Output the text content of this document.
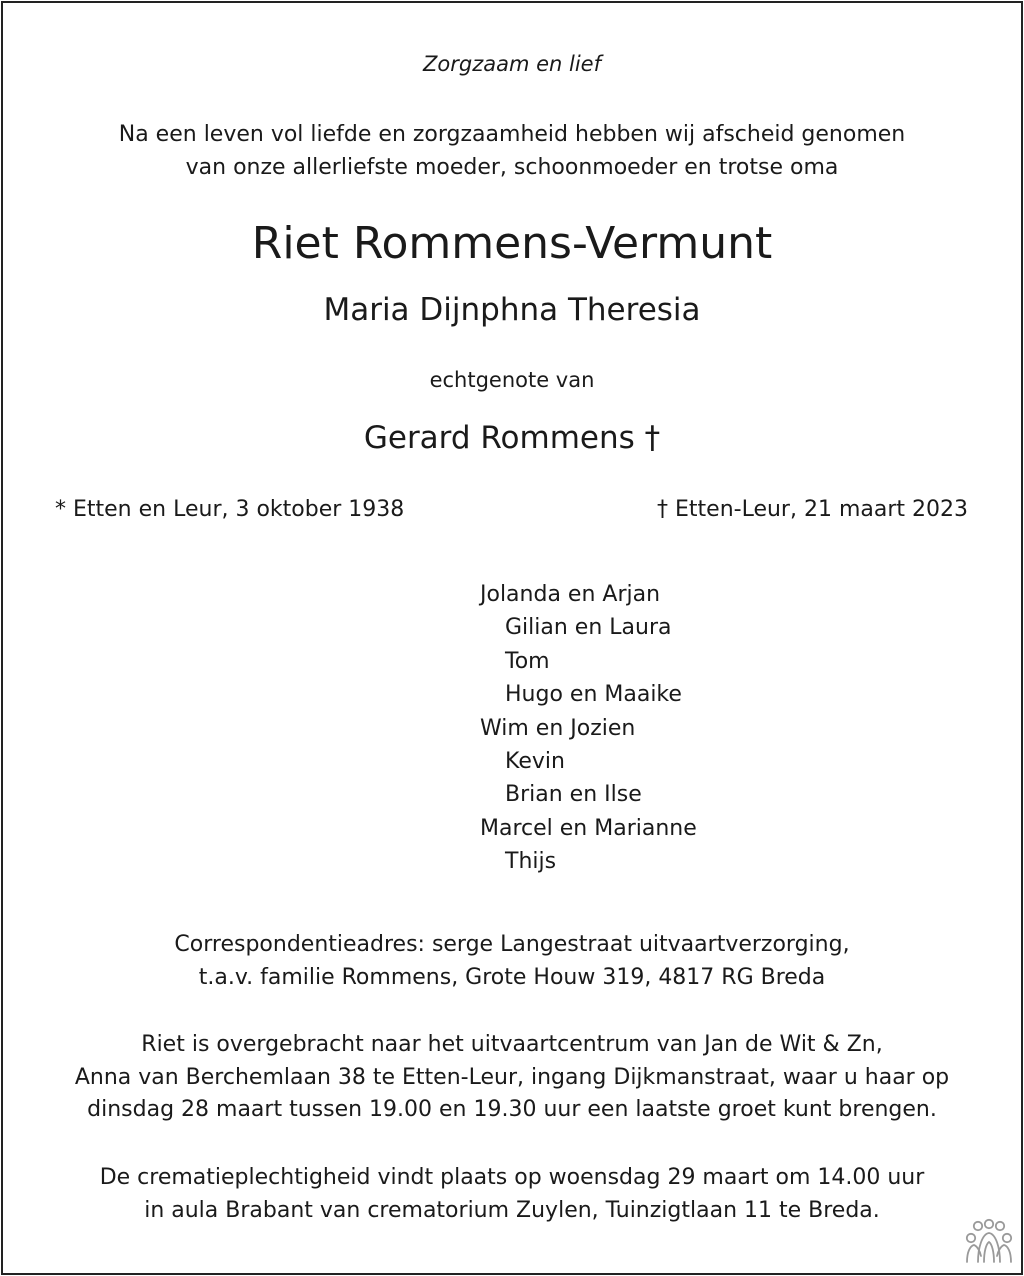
Zorgzaam en lief
Na een leven vol liefde en zorgzaamheid hebben wij afscheid genomen
van onze allerliefste moeder, schoonmoeder en trotse oma
Riet Rommens-Vermunt
Maria Dijnphna Theresia
echtgenote van
Gerard Rommens †
* Etten en Leur, 3 oktober 1938	† Etten-Leur, 21 maart 2023
Jolanda en Arjan
Gilian en Laura
Tom
Hugo en Maaike
Wim en Jozien
Kevin
Brian en Ilse
Marcel en Marianne
Thijs
Correspondentieadres: serge Langestraat uitvaartverzorging,
t.a.v. familie Rommens, Grote Houw 319, 4817 RG Breda
Riet is overgebracht naar het uitvaartcentrum van Jan de Wit & Zn,
Anna van Berchemlaan 38 te Etten-Leur, ingang Dijkmanstraat, waar u haar op
dinsdag 28 maart tussen 19.00 en 19.30 uur een laatste groet kunt brengen.
De crematieplechtigheid vindt plaats op woensdag 29 maart om 14.00 uur
in aula Brabant van crematorium Zuylen, Tuinzigtlaan 11 te Breda.
